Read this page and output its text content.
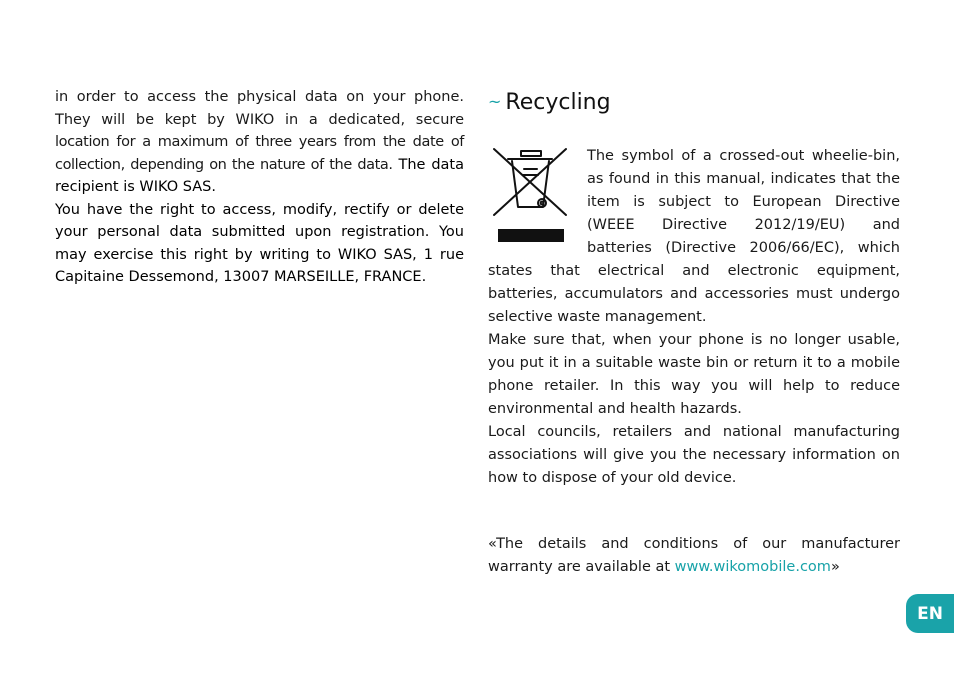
in order to access the physical data on your phone. They will be kept by WIKO in a dedicated, secure location for a maximum of three years from the date of collection, depending on the nature of the data. The data recipient is WIKO SAS.

You have the right to access, modify, rectify or delete your personal data submitted upon registration. You may exercise this right by writing to WIKO SAS, 1 rue Capitaine Dessemond, 13007 MARSEILLE, FRANCE.

~ Recycling

The symbol of a crossed-out wheelie-bin, as found in this manual, indicates that the item is subject to European Directive (WEEE Directive 2012/19/EU) and batteries (Directive 2006/66/EC), which states that electrical and electronic equipment, batteries, accumulators and accessories must undergo selective waste management.

Make sure that, when your phone is no longer usable, you put it in a suitable waste bin or return it to a mobile phone retailer. In this way you will help to reduce environmental and health hazards.

Local councils, retailers and national manufacturing associations will give you the necessary information on how to dispose of your old device.

«The details and conditions of our manufacturer warranty are available at www.wikomobile.com»

EN
